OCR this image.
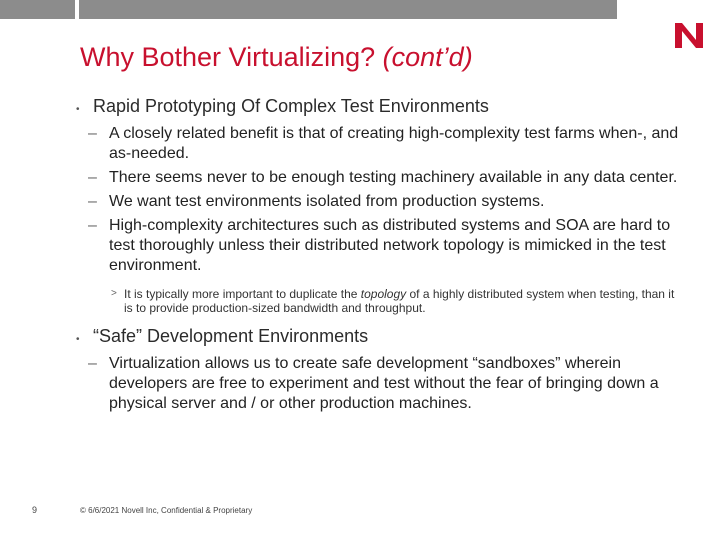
Why Bother Virtualizing? (cont’d)
• Rapid Prototyping Of Complex Test Environments
– A closely related benefit is that of creating high-complexity test farms when-, and as-needed.
– There seems never to be enough testing machinery available in any data center.
– We want test environments isolated from production systems.
– High-complexity architectures such as distributed systems and SOA are hard to test thoroughly unless their distributed network topology is mimicked in the test environment.
> It is typically more important to duplicate the topology of a highly distributed system when testing, than it is to provide production-sized bandwidth and throughput.
• “Safe” Development Environments
– Virtualization allows us to create safe development “sandboxes” wherein developers are free to experiment and test without the fear of bringing down a physical server and / or other production machines.
9	© 6/6/2021 Novell Inc, Confidential & Proprietary
